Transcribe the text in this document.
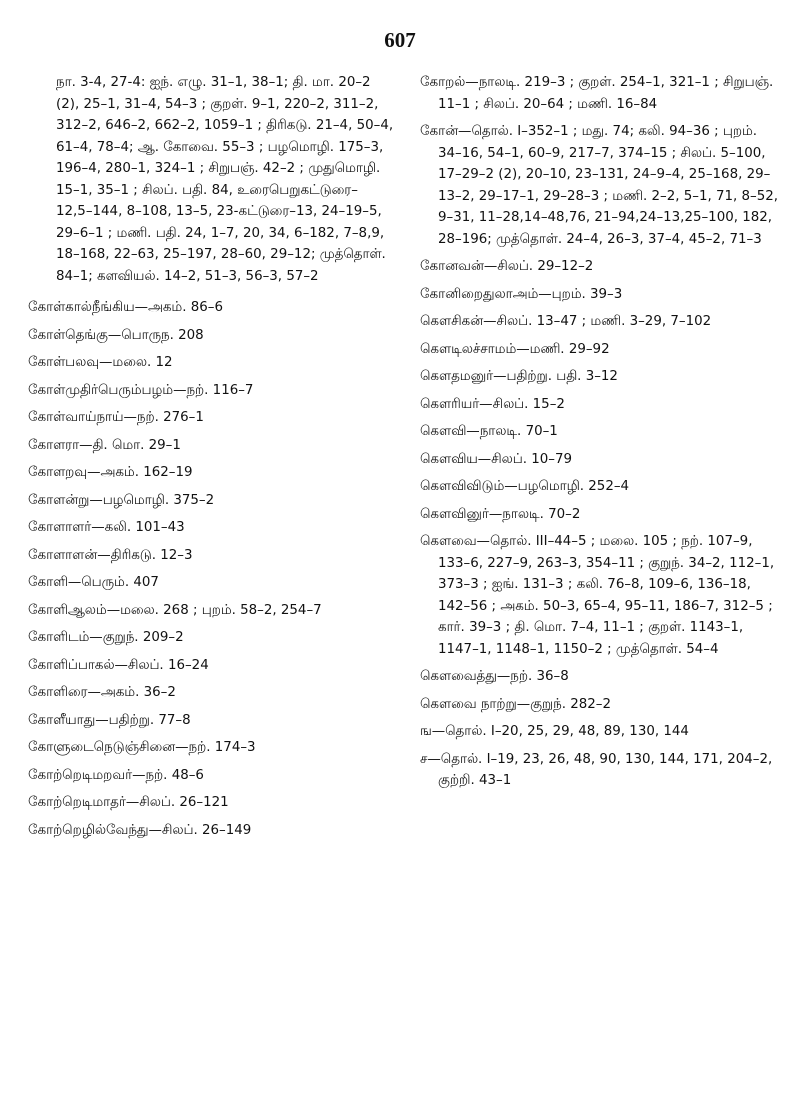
607
நா. 3-4, 27-4: ஐந். எழு. 31–1, 38–1; தி. மா. 20–2 (2), 25–1, 31–4, 54–3 ; குறள். 9–1, 220–2, 311–2, 312–2, 646–2, 662–2, 1059–1 ; திரிகடு. 21–4, 50–4, 61–4, 78–4; ஆ. கோவை. 55–3 ; பழமொழி. 175–3, 196–4, 280–1, 324–1 ; சிறுபஞ். 42–2 ; முதுமொழி. 15–1, 35–1 ; சிலப். பதி. 84, உரைபெறுகட்டுரை–12,5–144, 8–108, 13–5, 23-கட்டுரை–13, 24–19–5, 29–6–1 ; மணி. பதி. 24, 1–7, 20, 34, 6–182, 7–8,9, 18–168, 22–63, 25–197, 28–60, 29–12; முத்தொள். 84–1; களவியல். 14–2, 51–3, 56–3, 57–2
கோள்கால்நீங்கிய—அகம். 86–6
கோள்தெங்கு—பொருந. 208
கோள்பலவு—மலை. 12
கோள்முதிர்பெரும்பழம்—நற். 116–7
கோள்வாய்நாய்—நற். 276–1
கோளரா—தி. மொ. 29–1
கோளறவு—அகம். 162–19
கோளன்று—பழமொழி. 375–2
கோளாளர்—கலி. 101–43
கோளாளன்—திரிகடு. 12–3
கோளி—பெரும். 407
கோளிஆலம்—மலை. 268 ; புறம். 58–2, 254–7
கோளிடம்—குறுந். 209–2
கோளிப்பாகல்—சிலப். 16–24
கோளிரை—அகம். 36–2
கோளீயாது—பதிற்று. 77–8
கோளுடைநெடுஞ்சினை—நற். 174–3
கோற்றெடிமறவர்—நற். 48–6
கோற்றெடிமாதர்—சிலப். 26–121
கோற்றெழில்வேந்து—சிலப். 26–149
கோறல்—நாலடி. 219–3 ; குறள். 254–1, 321–1 ; சிறுபஞ். 11–1 ; சிலப். 20–64 ; மணி. 16–84
கோன்—தொல். I–352–1 ; மது. 74; கலி. 94–36 ; புறம். 34–16, 54–1, 60–9, 217–7, 374–15 ; சிலப். 5–100, 17–29–2 (2), 20–10, 23–131, 24–9–4, 25–168, 29–13–2, 29–17–1, 29–28–3 ; மணி. 2–2, 5–1, 71, 8–52, 9–31, 11–28,14–48,76, 21–94,24–13,25–100, 182, 28–196; முத்தொள். 24–4, 26–3, 37–4, 45–2, 71–3
கோனவன்—சிலப். 29–12–2
கோனிறைதுலாஅம்—புறம். 39–3
கௌசிகன்—சிலப். 13–47 ; மணி. 3–29, 7–102
கௌடிலச்சாமம்—மணி. 29–92
கௌதமனுர்—பதிற்று. பதி. 3–12
கௌரியர்—சிலப். 15–2
கௌவி—நாலடி. 70–1
கௌவிய—சிலப். 10–79
கௌவிவிடும்—பழமொழி. 252–4
கௌவினுர்—நாலடி. 70–2
கௌவை—தொல். III–44–5 ; மலை. 105 ; நற். 107–9, 133–6, 227–9, 263–3, 354–11 ; குறுந். 34–2, 112–1, 373–3 ; ஐங். 131–3 ; கலி. 76–8, 109–6, 136–18, 142–56 ; அகம். 50–3, 65–4, 95–11, 186–7, 312–5 ; கார். 39–3 ; தி. மொ. 7–4, 11–1 ; குறள். 1143–1, 1147–1, 1148–1, 1150–2 ; முத்தொள். 54–4
கௌவைத்து—நற். 36–8
கௌவை நாற்று—குறுந். 282–2
ங—தொல். I–20, 25, 29, 48, 89, 130, 144
ச—தொல். I–19, 23, 26, 48, 90, 130, 144, 171, 204–2, குற்றி. 43–1
